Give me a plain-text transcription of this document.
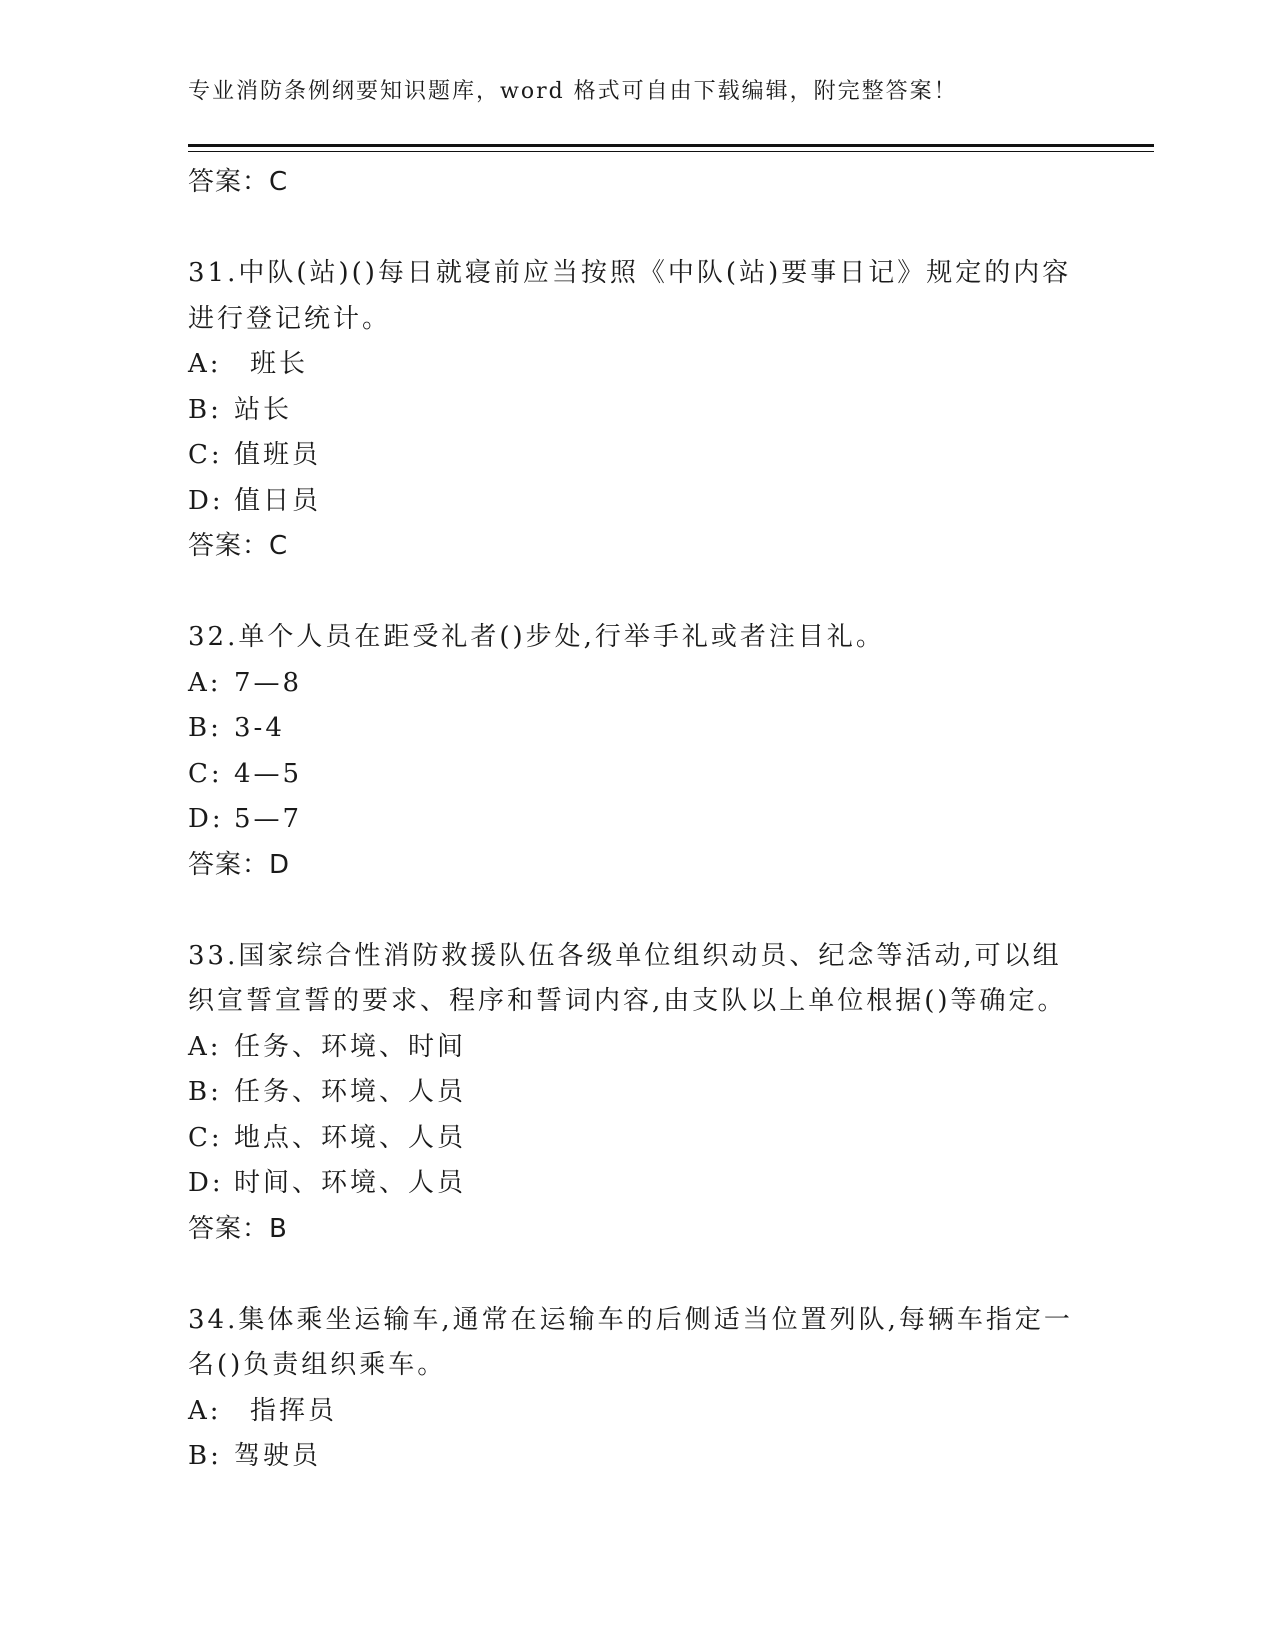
专业消防条例纲要知识题库，word 格式可自由下载编辑，附完整答案！
答案：C
31.中队(站)()每日就寝前应当按照《中队(站)要事日记》规定的内容
进行登记统计。
A: 班长
B: 站长
C: 值班员
D: 值日员
答案：C
32.单个人员在距受礼者()步处,行举手礼或者注目礼。
A: 7—8
B: 3-4
C: 4—5
D: 5—7
答案：D
33.国家综合性消防救援队伍各级单位组织动员、纪念等活动,可以组
织宣誓宣誓的要求、程序和誓词内容,由支队以上单位根据()等确定。
A: 任务、环境、时间
B: 任务、环境、人员
C: 地点、环境、人员
D: 时间、环境、人员
答案：B
34.集体乘坐运输车,通常在运输车的后侧适当位置列队,每辆车指定一
名()负责组织乘车。
A: 指挥员
B: 驾驶员
